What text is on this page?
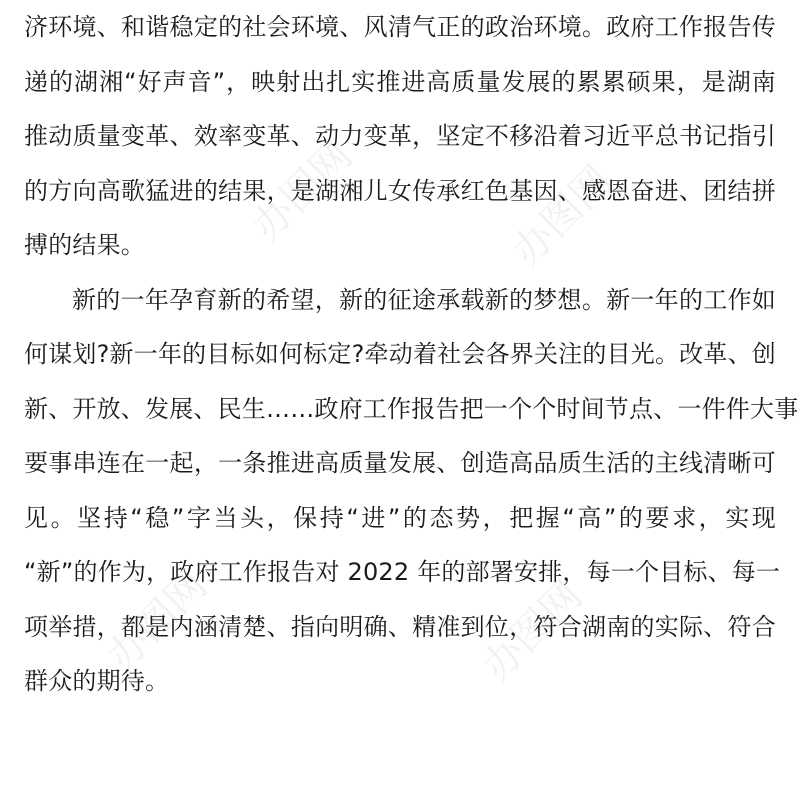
办图网	办图网
办图网	办图网
济环境、和谐稳定的社会环境、风清气正的政治环境。政府工作报告传
递的湖湘“好声音”，映射出扎实推进高质量发展的累累硕果，是湖南
推动质量变革、效率变革、动力变革，坚定不移沿着习近平总书记指引
的方向高歌猛进的结果，是湖湘儿女传承红色基因、感恩奋进、团结拼
搏的结果。
新的一年孕育新的希望，新的征途承载新的梦想。新一年的工作如
何谋划?新一年的目标如何标定?牵动着社会各界关注的目光。改革、创
新、开放、发展、民生……政府工作报告把一个个时间节点、一件件大事
要事串连在一起，一条推进高质量发展、创造高品质生活的主线清晰可
见。坚持“稳”字当头，保持“进”的态势，把握“高”的要求，实现
“新”的作为，政府工作报告对 2022 年的部署安排，每一个目标、每一
项举措，都是内涵清楚、指向明确、精准到位，符合湖南的实际、符合
群众的期待。
